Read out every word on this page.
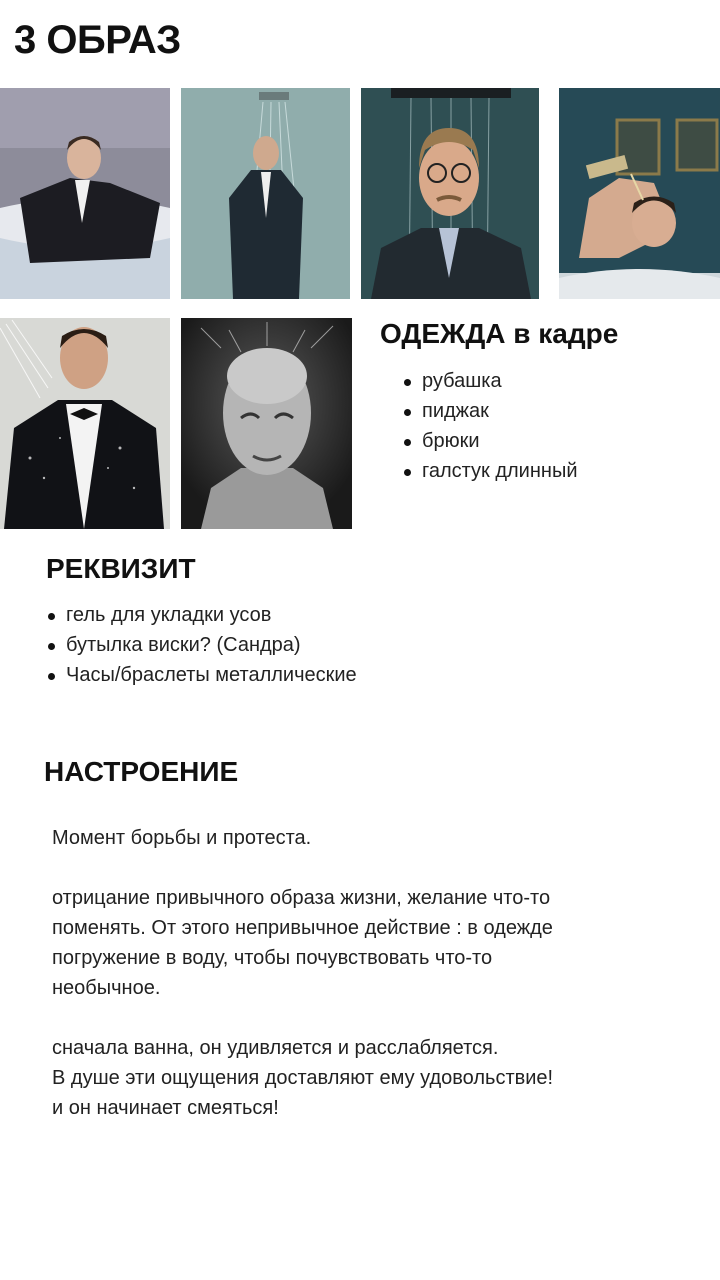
3 ОБРАЗ
ОДЕЖДА в кадре
рубашка
пиджак
брюки
галстук длинный
РЕКВИЗИТ
гель для укладки усов
бутылка виски? (Сандра)
Часы/браслеты металлические
НАСТРОЕНИЕ

Момент борьбы и протеста.

отрицание привычного образа жизни, желание что-то
поменять. От этого непривычное действие : в одежде
погружение в воду, чтобы почувствовать что-то
необычное.

сначала ванна, он удивляется и расслабляется.
В душе эти ощущения доставляют ему удовольствие!
и он начинает смеяться!
